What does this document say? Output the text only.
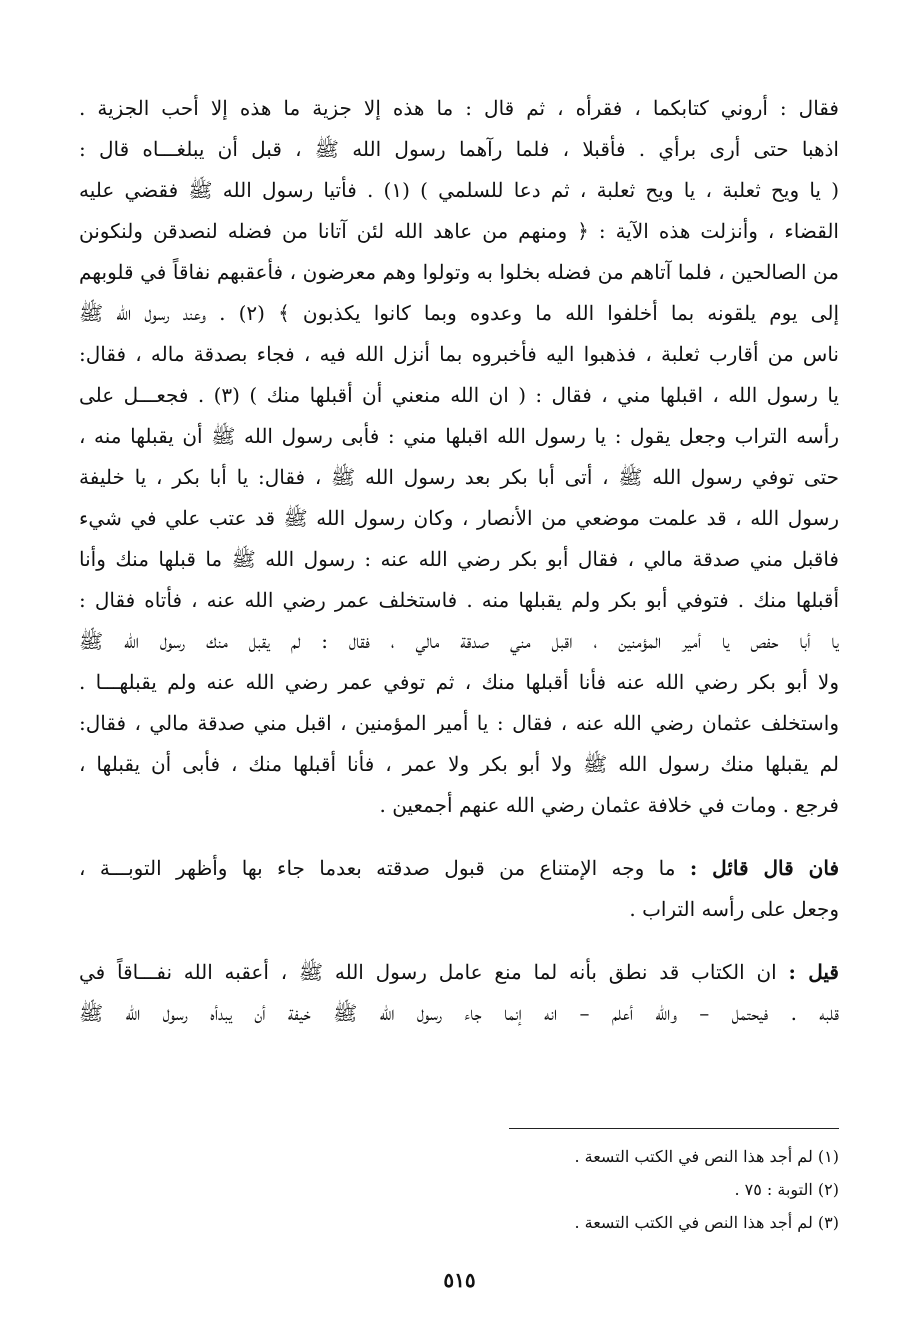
فقال : أروني كتابكما ، فقرأه ، ثم قال : ما هذه إلا جزية ما هذه إلا أحب الجزية .
اذهبا حتى أرى برأي . فأقبلا ، فلما رآهما رسول الله ﷺ ، قبل أن يبلغـــاه قال :
( يا ويح ثعلبة ، يا ويح ثعلبة ، ثم دعا للسلمي ) (١) . فأتيا رسول الله ﷺ فقضي عليه
القضاء ، وأنزلت هذه الآية : ﴿ ومنهم من عاهد الله لئن آتانا من فضله لنصدقن ولنكونن
من الصالحين ، فلما آتاهم من فضله بخلوا به وتولوا وهم معرضون ، فأعقبهم نفاقاً في قلوبهم
إلى يوم يلقونه بما أخلفوا الله ما وعدوه وبما كانوا يكذبون ﴾ (٢) . وعند رسول الله ﷺ
ناس من أقارب ثعلبة ، فذهبوا اليه فأخبروه بما أنزل الله فيه ، فجاء بصدقة ماله ، فقال:
يا رسول الله ، اقبلها مني ، فقال : ( ان الله منعني أن أقبلها منك ) (٣) . فجعـــل على
رأسه التراب وجعل يقول : يا رسول الله اقبلها مني : فأبى رسول الله ﷺ أن يقبلها منه ،
حتى توفي رسول الله ﷺ ، أتى أبا بكر بعد رسول الله ﷺ ، فقال: يا أبا بكر ، يا خليفة
رسول الله ، قد علمت موضعي من الأنصار ، وكان رسول الله ﷺ قد عتب علي في شيء
فاقبل مني صدقة مالي ، فقال أبو بكر رضي الله عنه : رسول الله ﷺ ما قبلها منك وأنا
أقبلها منك . فتوفي أبو بكر ولم يقبلها منه . فاستخلف عمر رضي الله عنه ، فأتاه فقال :
يا أبا حفص يا أمير المؤمنين ، اقبل مني صدقة مالي ، فقال : لم يقبل منك رسول الله ﷺ
ولا أبو بكر رضي الله عنه فأنا أقبلها منك ، ثم توفي عمر رضي الله عنه ولم يقبلهـــا .
واستخلف عثمان رضي الله عنه ، فقال : يا أمير المؤمنين ، اقبل مني صدقة مالي ، فقال:
لم يقبلها منك رسول الله ﷺ ولا أبو بكر ولا عمر ، فأنا أقبلها منك ، فأبى أن يقبلها ،
فرجع . ومات في خلافة عثمان رضي الله عنهم أجمعين .
فان قال قائل : ما وجه الإمتناع من قبول صدقته بعدما جاء بها وأظهر التوبـــة ،
وجعل على رأسه التراب .
قيل : ان الكتاب قد نطق بأنه لما منع عامل رسول الله ﷺ ، أعقبه الله نفـــاقاً في
قلبه . فيحتمل – والله أعلم – انه إنما جاء رسول الله ﷺ خيفة أن يبدأه رسول الله ﷺ
(١) لم أجد هذا النص في الكتب التسعة .
(٢) التوبة : ٧٥ .
(٣) لم أجد هذا النص في الكتب التسعة .
٥١٥
